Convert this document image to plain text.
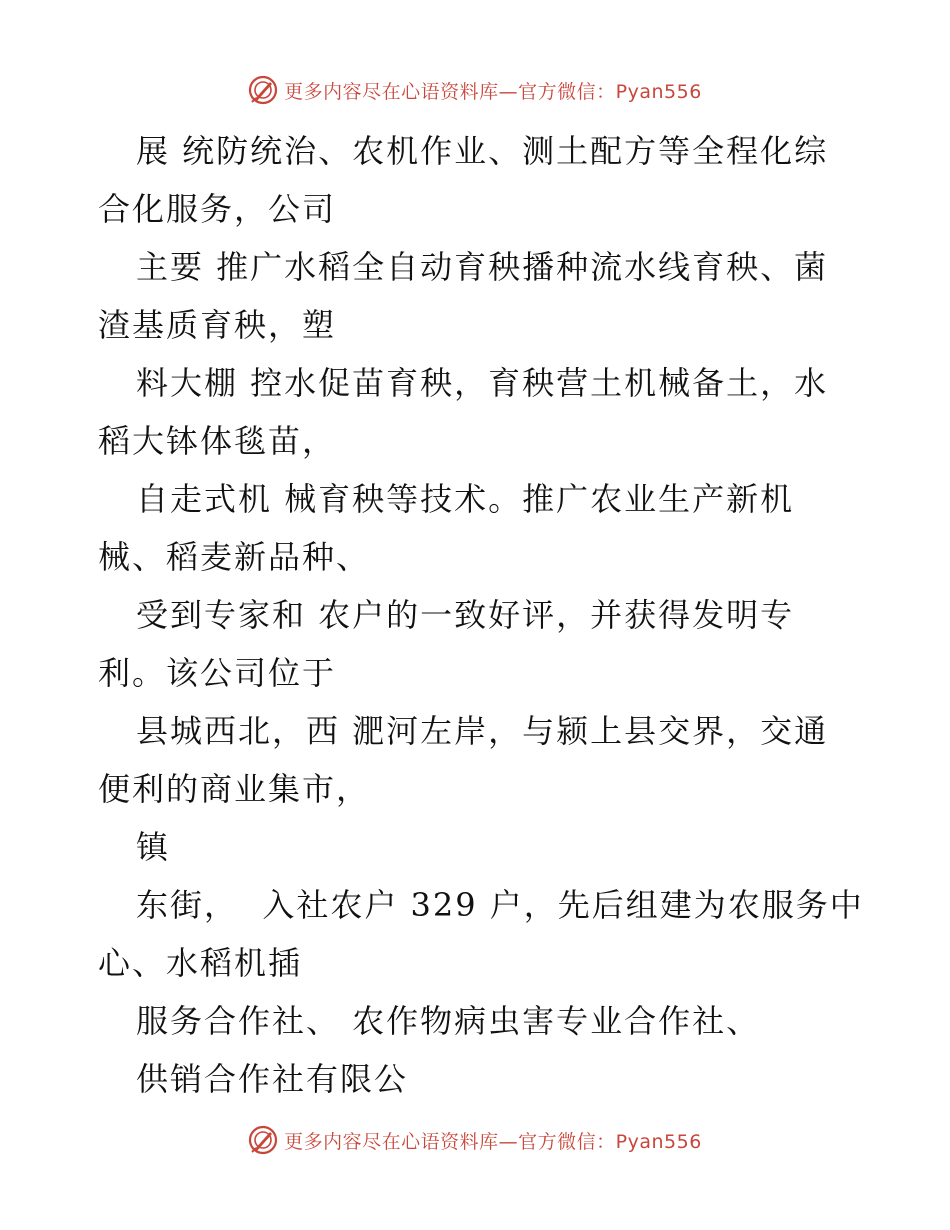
更多内容尽在心语资料库—官方微信：Pyan556
展 统防统治、农机作业、测土配方等全程化综
合化服务，公司
主要 推广水稻全自动育秧播种流水线育秧、菌
渣基质育秧，塑
料大棚 控水促苗育秧，育秧营土机械备土，水
稻大钵体毯苗，
自走式机 械育秧等技术。推广农业生产新机
械、稻麦新品种、
受到专家和 农户的一致好评，并获得发明专
利。该公司位于
县城西北，西 淝河左岸，与颍上县交界，交通
便利的商业集市，
镇
东街，  入社农户 329 户，先后组建为农服务中
心、水稻机插
服务合作社、 农作物病虫害专业合作社、
供销合作社有限公
更多内容尽在心语资料库—官方微信：Pyan556
